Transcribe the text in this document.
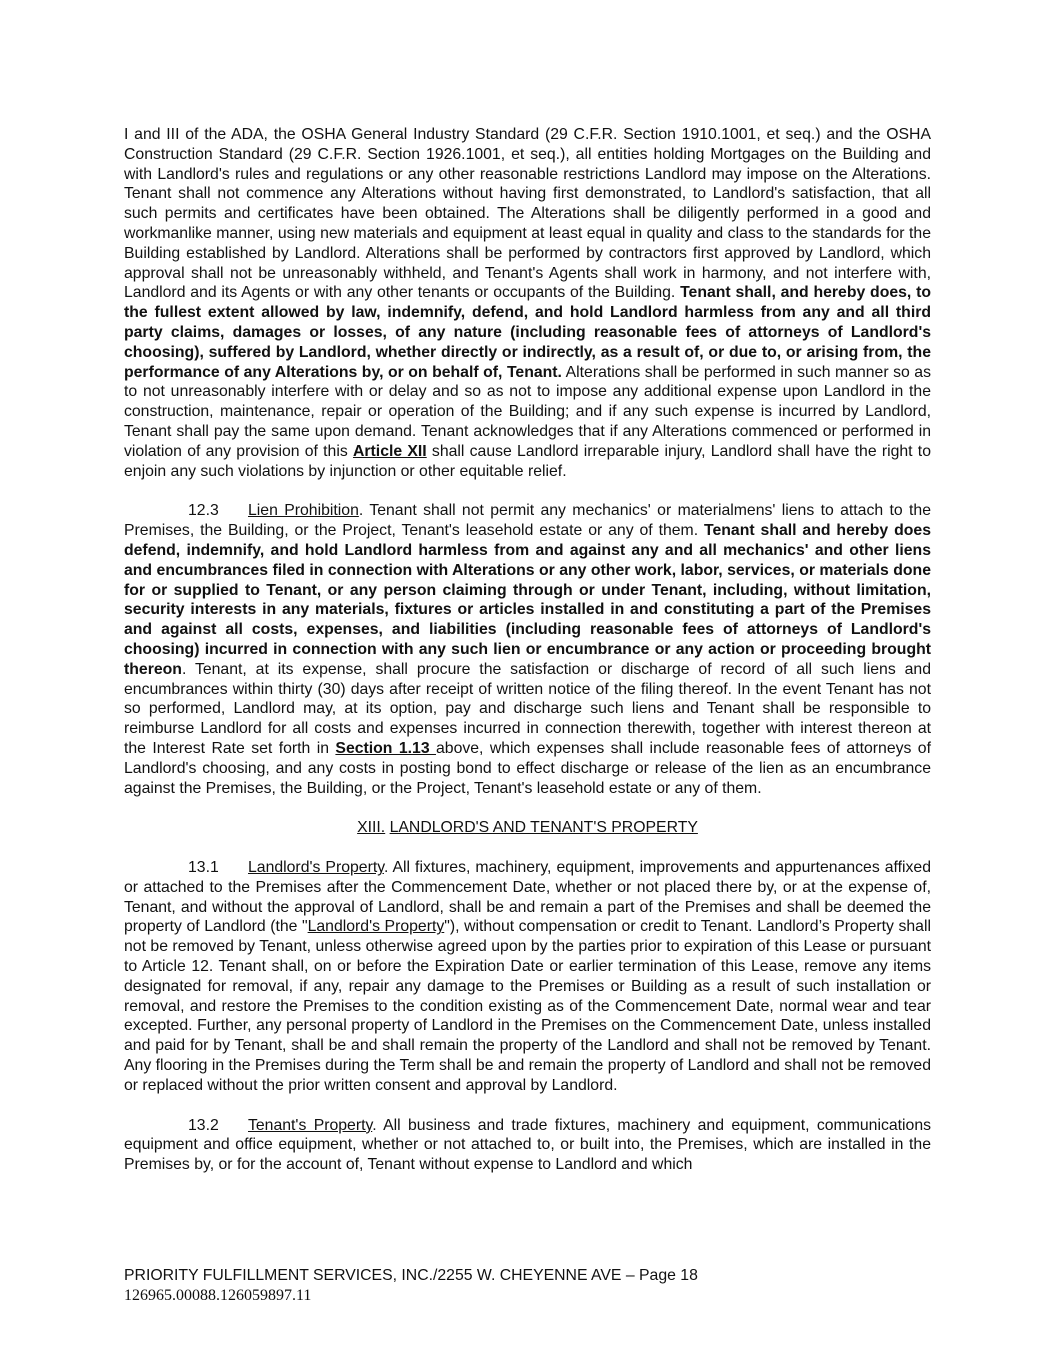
I and III of the ADA, the OSHA General Industry Standard (29 C.F.R. Section 1910.1001, et seq.) and the OSHA Construction Standard (29 C.F.R. Section 1926.1001, et seq.), all entities holding Mortgages on the Building and with Landlord's rules and regulations or any other reasonable restrictions Landlord may impose on the Alterations. Tenant shall not commence any Alterations without having first demonstrated, to Landlord's satisfaction, that all such permits and certificates have been obtained. The Alterations shall be diligently performed in a good and workmanlike manner, using new materials and equipment at least equal in quality and class to the standards for the Building established by Landlord. Alterations shall be performed by contractors first approved by Landlord, which approval shall not be unreasonably withheld, and Tenant's Agents shall work in harmony, and not interfere with, Landlord and its Agents or with any other tenants or occupants of the Building. Tenant shall, and hereby does, to the fullest extent allowed by law, indemnify, defend, and hold Landlord harmless from any and all third party claims, damages or losses, of any nature (including reasonable fees of attorneys of Landlord's choosing), suffered by Landlord, whether directly or indirectly, as a result of, or due to, or arising from, the performance of any Alterations by, or on behalf of, Tenant. Alterations shall be performed in such manner so as to not unreasonably interfere with or delay and so as not to impose any additional expense upon Landlord in the construction, maintenance, repair or operation of the Building; and if any such expense is incurred by Landlord, Tenant shall pay the same upon demand. Tenant acknowledges that if any Alterations commenced or performed in violation of any provision of this Article XII shall cause Landlord irreparable injury, Landlord shall have the right to enjoin any such violations by injunction or other equitable relief.

12.3 Lien Prohibition. Tenant shall not permit any mechanics' or materialmens' liens to attach to the Premises, the Building, or the Project, Tenant's leasehold estate or any of them. Tenant shall and hereby does defend, indemnify, and hold Landlord harmless from and against any and all mechanics' and other liens and encumbrances filed in connection with Alterations or any other work, labor, services, or materials done for or supplied to Tenant, or any person claiming through or under Tenant, including, without limitation, security interests in any materials, fixtures or articles installed in and constituting a part of the Premises and against all costs, expenses, and liabilities (including reasonable fees of attorneys of Landlord's choosing) incurred in connection with any such lien or encumbrance or any action or proceeding brought thereon. Tenant, at its expense, shall procure the satisfaction or discharge of record of all such liens and encumbrances within thirty (30) days after receipt of written notice of the filing thereof. In the event Tenant has not so performed, Landlord may, at its option, pay and discharge such liens and Tenant shall be responsible to reimburse Landlord for all costs and expenses incurred in connection therewith, together with interest thereon at the Interest Rate set forth in Section 1.13 above, which expenses shall include reasonable fees of attorneys of Landlord's choosing, and any costs in posting bond to effect discharge or release of the lien as an encumbrance against the Premises, the Building, or the Project, Tenant's leasehold estate or any of them.

XIII. LANDLORD'S AND TENANT'S PROPERTY

13.1 Landlord's Property. All fixtures, machinery, equipment, improvements and appurtenances affixed or attached to the Premises after the Commencement Date, whether or not placed there by, or at the expense of, Tenant, and without the approval of Landlord, shall be and remain a part of the Premises and shall be deemed the property of Landlord (the "Landlord's Property"), without compensation or credit to Tenant. Landlord’s Property shall not be removed by Tenant, unless otherwise agreed upon by the parties prior to expiration of this Lease or pursuant to Article 12. Tenant shall, on or before the Expiration Date or earlier termination of this Lease, remove any items designated for removal, if any, repair any damage to the Premises or Building as a result of such installation or removal, and restore the Premises to the condition existing as of the Commencement Date, normal wear and tear excepted. Further, any personal property of Landlord in the Premises on the Commencement Date, unless installed and paid for by Tenant, shall be and shall remain the property of the Landlord and shall not be removed by Tenant. Any flooring in the Premises during the Term shall be and remain the property of Landlord and shall not be removed or replaced without the prior written consent and approval by Landlord.

13.2 Tenant's Property. All business and trade fixtures, machinery and equipment, communications equipment and office equipment, whether or not attached to, or built into, the Premises, which are installed in the Premises by, or for the account of, Tenant without expense to Landlord and which

PRIORITY FULFILLMENT SERVICES, INC./2255 W. CHEYENNE AVE – Page 18
126965.00088.126059897.11
